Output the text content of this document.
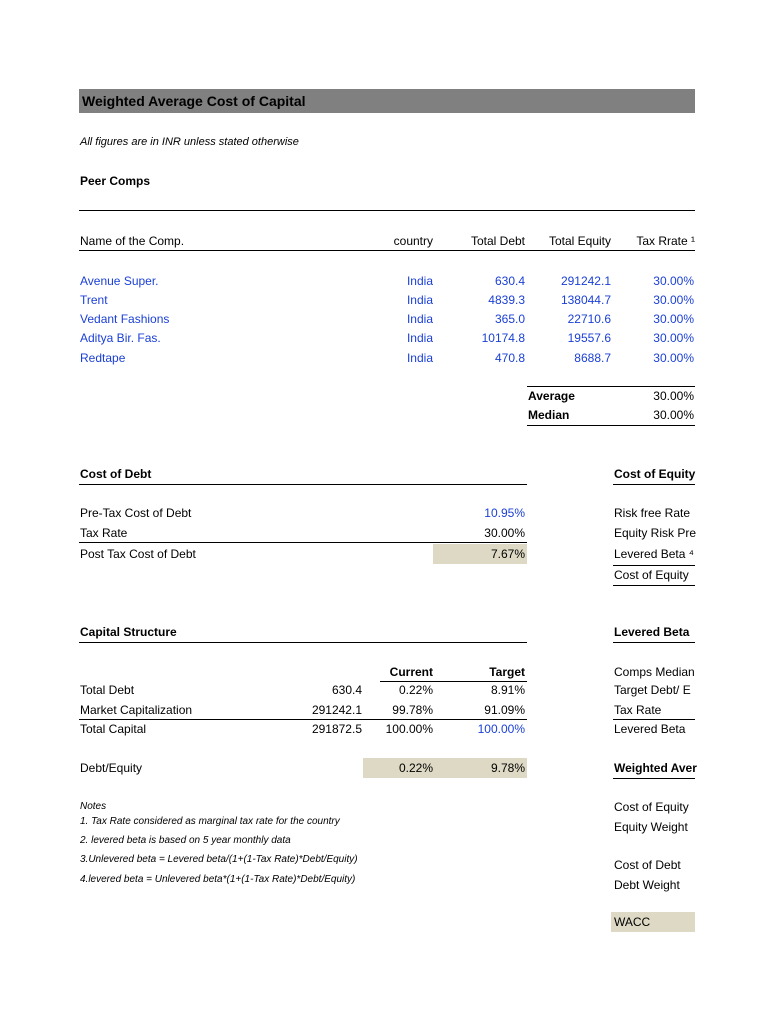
Weighted Average Cost of Capital
All figures are in INR unless stated otherwise
Peer Comps
Name of the Comp.	country	Total Debt	Total Equity	Tax Rrate ¹
Avenue Super.	India	630.4	291242.1	30.00%
Trent	India	4839.3	138044.7	30.00%
Vedant Fashions	India	365.0	22710.6	30.00%
Aditya Bir. Fas.	India	10174.8	19557.6	30.00%
Redtape	India	470.8	8688.7	30.00%
Average	30.00%
Median	30.00%
Cost of Debt
Pre-Tax Cost of Debt	10.95%
Tax Rate	30.00%
Post Tax Cost of Debt	7.67%
Cost of Equity
Risk free Rate
Equity Risk Pre
Levered Beta ⁴
Cost of Equity
Capital Structure
Current	Target
Total Debt	630.4	0.22%	8.91%
Market Capitalization	291242.1	99.78%	91.09%
Total Capital	291872.5	100.00%	100.00%
Debt/Equity	0.22%	9.78%
Levered Beta
Comps Median
Target Debt/ E
Tax Rate
Levered Beta
Weighted Aver
Cost of Equity
Equity Weight
Cost of Debt
Debt Weight
WACC
Notes
1. Tax Rate considered as marginal tax rate for the country
2. levered beta is based on 5 year monthly data
3.Unlevered beta = Levered beta/(1+(1-Tax Rate)*Debt/Equity)
4.levered beta = Unlevered beta*(1+(1-Tax Rate)*Debt/Equity)
